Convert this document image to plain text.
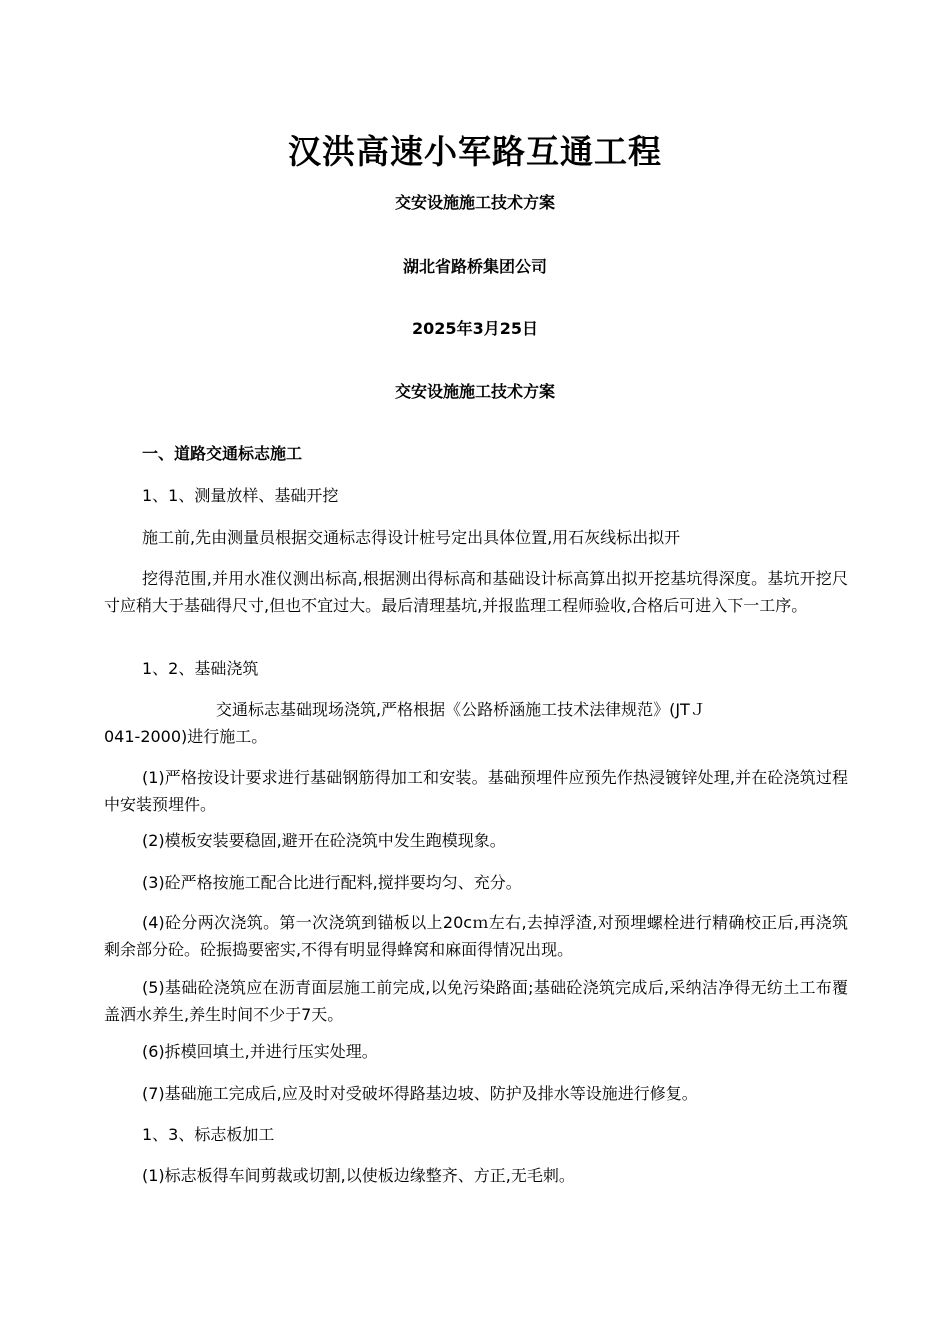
汉洪高速小军路互通工程
交安设施施工技术方案
湖北省路桥集团公司
2025年3月25日
交安设施施工技术方案
一、道路交通标志施工
1、1、测量放样、基础开挖
施工前,先由测量员根据交通标志得设计桩号定出具体位置,用石灰线标出拟开
挖得范围,并用水准仪测出标高,根据测出得标高和基础设计标高算出拟开挖基坑得深度。基坑开挖尺寸应稍大于基础得尺寸,但也不宜过大。最后清理基坑,并报监理工程师验收,合格后可进入下一工序。
1、2、基础浇筑
交通标志基础现场浇筑,严格根据《公路桥涵施工技术法律规范》(JTＪ
041-2000)进行施工。
(1)严格按设计要求进行基础钢筋得加工和安装。基础预埋件应预先作热浸镀锌处理,并在砼浇筑过程中安装预埋件。
(2)模板安装要稳固,避开在砼浇筑中发生跑模现象。
(3)砼严格按施工配合比进行配料,搅拌要均匀、充分。
(4)砼分两次浇筑。第一次浇筑到锚板以上20cｍ左右,去掉浮渣,对预埋螺栓进行精确校正后,再浇筑剩余部分砼。砼振捣要密实,不得有明显得蜂窝和麻面得情况出现。
(5)基础砼浇筑应在沥青面层施工前完成,以免污染路面;基础砼浇筑完成后,采纳洁净得无纺土工布覆盖洒水养生,养生时间不少于7天。
(6)拆模回填土,并进行压实处理。
(7)基础施工完成后,应及时对受破坏得路基边坡、防护及排水等设施进行修复。
1、3、标志板加工
(1)标志板得车间剪裁或切割,以使板边缘整齐、方正,无毛刺。
